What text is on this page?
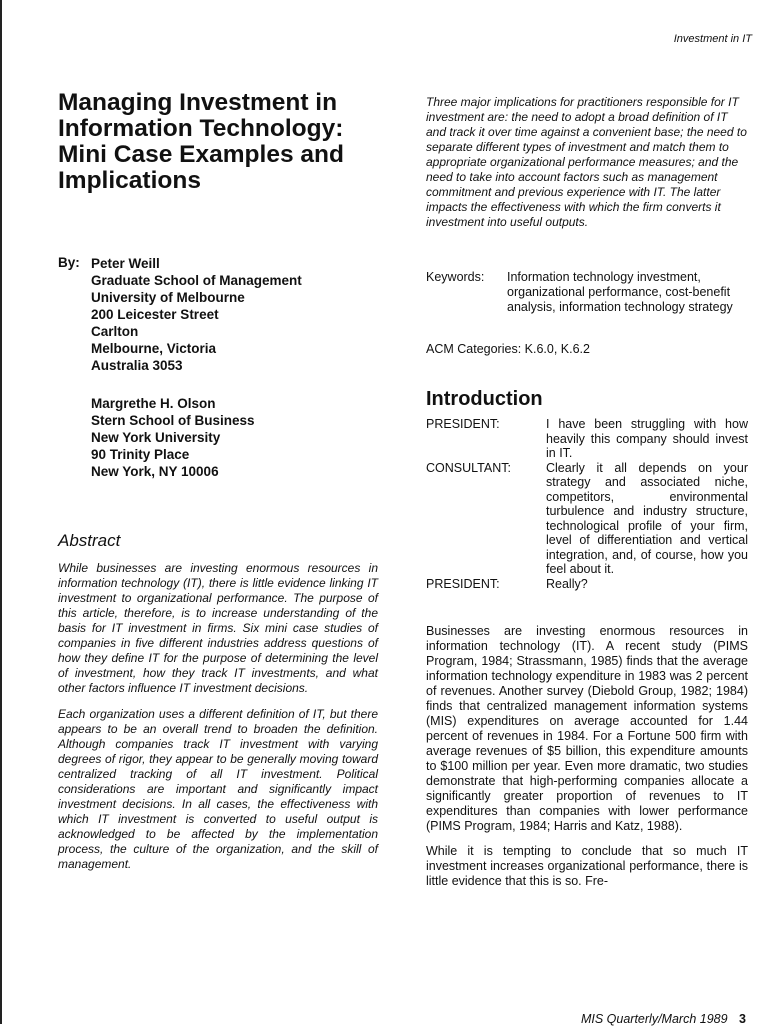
Investment in IT
Managing Investment in Information Technology: Mini Case Examples and Implications
By: Peter Weill
Graduate School of Management
University of Melbourne
200 Leicester Street
Carlton
Melbourne, Victoria
Australia 3053
Margrethe H. Olson
Stern School of Business
New York University
90 Trinity Place
New York, NY 10006
Abstract

While businesses are investing enormous resources in information technology (IT), there is little evidence linking IT investment to organizational performance. The purpose of this article, therefore, is to increase understanding of the basis for IT investment in firms. Six mini case studies of companies in five different industries address questions of how they define IT for the purpose of determining the level of investment, how they track IT investments, and what other factors influence IT investment decisions.

Each organization uses a different definition of IT, but there appears to be an overall trend to broaden the definition. Although companies track IT investment with varying degrees of rigor, they appear to be generally moving toward centralized tracking of all IT investment. Political considerations are important and significantly impact investment decisions. In all cases, the effectiveness with which IT investment is converted to useful output is acknowledged to be affected by the implementation process, the culture of the organization, and the skill of management.

Three major implications for practitioners responsible for IT investment are: the need to adopt a broad definition of IT and track it over time against a convenient base; the need to separate different types of investment and match them to appropriate organizational performance measures; and the need to take into account factors such as management commitment and previous experience with IT. The latter impacts the effectiveness with which the firm converts it investment into useful outputs.

Keywords: Information technology investment, organizational performance, cost-benefit analysis, information technology strategy
ACM Categories: K.6.0, K.6.2
Introduction
PRESIDENT:	I have been struggling with how heavily this company should invest in IT.
CONSULTANT:	Clearly it all depends on your strategy and associated niche, competitors, environmental turbulence and industry structure, technological profile of your firm, level of differentiation and vertical integration, and, of course, how you feel about it.
PRESIDENT:	Really?

Businesses are investing enormous resources in information technology (IT). A recent study (PIMS Program, 1984; Strassmann, 1985) finds that the average information technology expenditure in 1983 was 2 percent of revenues. Another survey (Diebold Group, 1982; 1984) finds that centralized management information systems (MIS) expenditures on average accounted for 1.44 percent of revenues in 1984. For a Fortune 500 firm with average revenues of $5 billion, this expenditure amounts to $100 million per year. Even more dramatic, two studies demonstrate that high-performing companies allocate a significantly greater proportion of revenues to IT expenditures than companies with lower performance (PIMS Program, 1984; Harris and Katz, 1988).

While it is tempting to conclude that so much IT investment increases organizational performance, there is little evidence that this is so. Fre-

MIS Quarterly/March 1989 3
